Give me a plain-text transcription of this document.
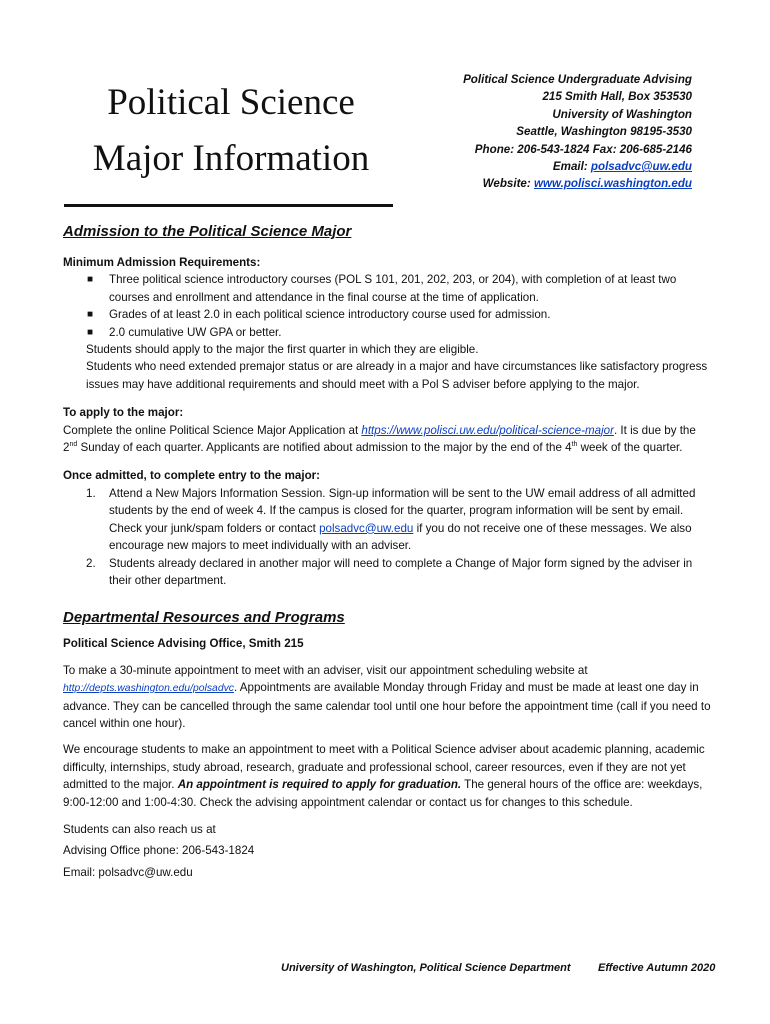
Political Science
Major Information
Political Science Undergraduate Advising
215 Smith Hall, Box 353530
University of Washington
Seattle, Washington 98195-3530
Phone: 206-543-1824 Fax: 206-685-2146
Email: polsadvc@uw.edu
Website: www.polisci.washington.edu
Admission to the Political Science Major
Minimum Admission Requirements:
■ Three political science introductory courses (POL S 101, 201, 202, 203, or 204), with completion of at least two courses and enrollment and attendance in the final course at the time of application.
■ Grades of at least 2.0 in each political science introductory course used for admission.
■ 2.0 cumulative UW GPA or better.

Students should apply to the major the first quarter in which they are eligible.

Students who need extended premajor status or are already in a major and have circumstances like satisfactory progress issues may have additional requirements and should meet with a Pol S adviser before applying to the major.

To apply to the major:

Complete the online Political Science Major Application at https://www.polisci.uw.edu/political-science-major. It is due by the 2nd Sunday of each quarter. Applicants are notified about admission to the major by the end of the 4th week of the quarter.

Once admitted, to complete entry to the major:
1. Attend a New Majors Information Session. Sign-up information will be sent to the UW email address of all admitted students by the end of week 4. If the campus is closed for the quarter, program information will be sent by email. Check your junk/spam folders or contact polsadvc@uw.edu if you do not receive one of these messages. We also encourage new majors to meet individually with an adviser.
2. Students already declared in another major will need to complete a Change of Major form signed by the adviser in their other department.
Departmental Resources and Programs
Political Science Advising Office, Smith 215

To make a 30-minute appointment to meet with an adviser, visit our appointment scheduling website at http://depts.washington.edu/polsadvc. Appointments are available Monday through Friday and must be made at least one day in advance. They can be cancelled through the same calendar tool until one hour before the appointment time (call if you need to cancel within one hour).

We encourage students to make an appointment to meet with a Political Science adviser about academic planning, academic difficulty, internships, study abroad, research, graduate and professional school, career resources, even if they are not yet admitted to the major. An appointment is required to apply for graduation. The general hours of the office are: weekdays, 9:00-12:00 and 1:00-4:30. Check the advising appointment calendar or contact us for changes to this schedule.

Students can also reach us at

Advising Office phone: 206-543-1824

Email: polsadvc@uw.edu

University of Washington, Political Science Department Effective Autumn 2020
